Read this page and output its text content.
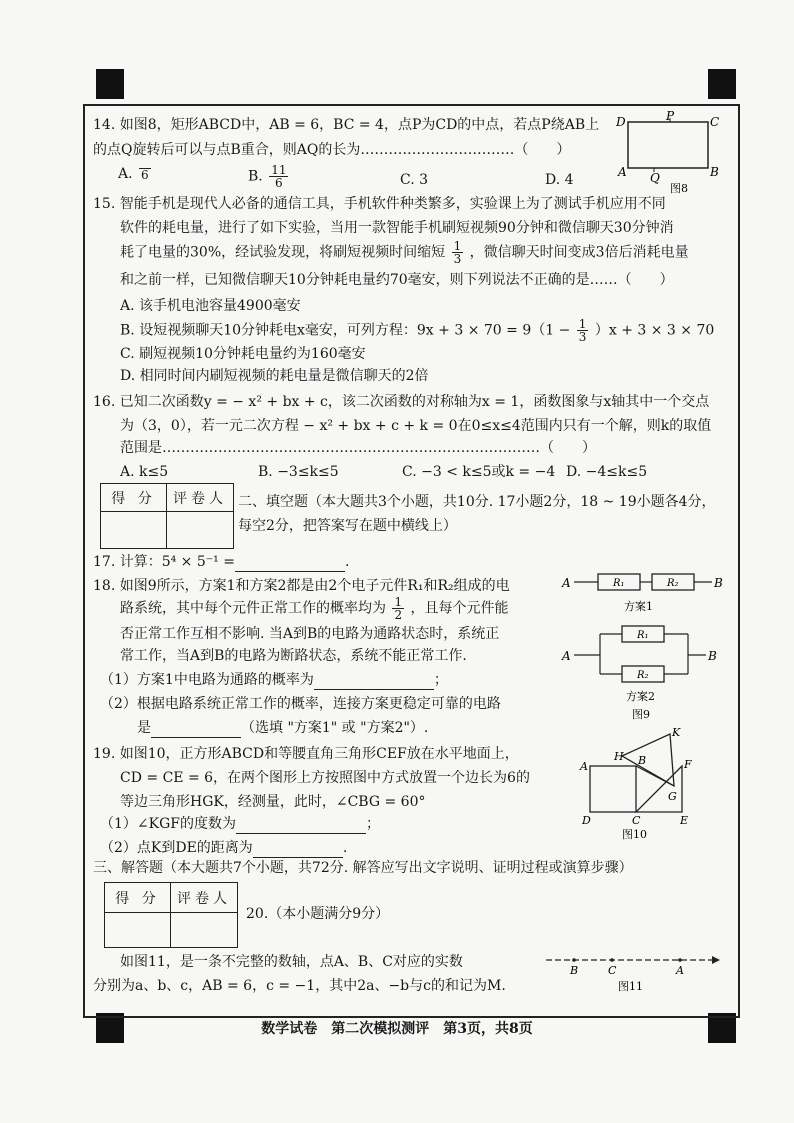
14. 如图8，矩形ABCD中，AB = 6，BC = 4，点P为CD的中点，若点P绕AB上
的点Q旋转后可以与点B重合，则AQ的长为……………………………（　　）
A. 6	B. $\frac{11}{6}$	C. 3	D. 4
D	P	C
A Q	B
图8
15. 智能手机是现代人必备的通信工具，手机软件种类繁多，实验课上为了测试手机应用不同
软件的耗电量，进行了如下实验，当用一款智能手机刷短视频90分钟和微信聊天30分钟消
耗了电量的30%，经试验发现，将刷短视频时间缩短 $\frac{1}{3}$ ，微信聊天时间变成3倍后消耗电量
和之前一样，已知微信聊天10分钟耗电量约70毫安，则下列说法不正确的是……（　　）
A. 该手机电池容量4900毫安
B. 设短视频聊天10分钟耗电x毫安，可列方程：$9x + 3 \times 70 = 9(1 - \frac{1}{3} )x + 3 \times 3 \times 70$
C. 刷短视频10分钟耗电量约为160毫安
D. 相同时间内刷短视频的耗电量是微信聊天的2倍
16. 已知二次函数y = − x² + bx + c，该二次函数的对称轴为x = 1，函数图象与x轴其中一个交点
为（3，0），若一元二次方程 − x² + bx + c + k = 0在0≤x≤4范围内只有一个解，则k的取值
范围是………………………………………………………………………（　　）
A. k≤5	B. −3≤k≤5	C. −3 < k≤5或k = −4 D. −4≤k≤5
得 分	评卷人 二、填空题（本大题共3个小题，共10分. 17小题2分，18 ~ 19小题各4分，
每空2分，把答案写在题中横线上）
17. 计算：5⁴ × 5⁻¹ =	.
18. 如图9所示，方案1和方案2都是由2个电子元件R₁和R₂组成的电
路系统，其中每个元件正常工作的概率均为 $\frac{1}{2}$ ，且每个元件能
否正常工作互相不影响. 当A到B的电路为通路状态时，系统正
常工作，当A到B的电路为断路状态，系统不能正常工作.
（1）方案1中电路为通路的概率为	；
（2）根据电路系统正常工作的概率，连接方案更稳定可靠的电路
是	（选填 "方案1" 或 "方案2"）.
A	B
R₁	R₂
方案1
A	B
R₁
R₂
方案2
图9
19. 如图10，正方形ABCD和等腰直角三角形CEF放在水平地面上，
CD = CE = 6，在两个图形上方按照图中方式放置一个边长为6的
等边三角形HGK，经测量，此时，∠CBG = 60°
（1）∠KGF的度数为	；
（2）点K到DE的距离为	.
A
H B
K
F
G
D	C	E
图10
三、解答题（本大题共7个小题，共72分. 解答应写出文字说明、证明过程或演算步骤）
得 分	评卷人
20.（本小题满分9分）
如图11，是一条不完整的数轴，点A、B、C对应的实数
分别为a、b、c，AB = 6，c = −1，其中2a、−b与c的和记为M.
B	C	A
图11
数学试卷　第二次模拟测评　第3页，共8页
